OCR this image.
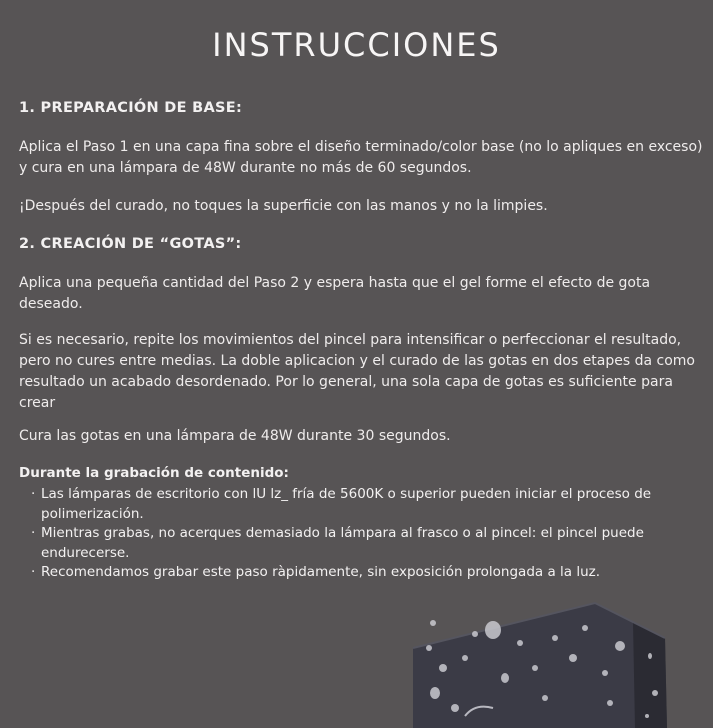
INSTRUCCIONES
1. PREPARACIÓN DE BASE:
Aplica el Paso 1 en una capa fina sobre el diseño terminado/color base (no lo apliques en exceso) y cura en una lámpara de 48W durante no más de 60 segundos.
¡Después del curado, no toques la superficie con las manos y no la limpies.
2. CREACIÓN DE “GOTAS”:
Aplica una pequeña cantidad del Paso 2 y espera hasta que el gel forme el efecto de gota deseado.
Si es necesario, repite los movimientos del pincel para intensificar o perfeccionar el resultado, pero no cures entre medias. La doble aplicacion y el curado de las gotas en dos etapes da como resultado un acabado desordenado. Por lo general, una sola capa de gotas es suficiente para crear
Cura las gotas en una lámpara de 48W durante 30 segundos.
Durante la grabación de contenido:
· Las lámparas de escritorio con lU lz_ fría de 5600K o superior pueden iniciar el proceso de polimerización.
· Mientras grabas, no acerques demasiado la lámpara al frasco o al pincel: el pincel puede endurecerse.
· Recomendamos grabar este paso ràpidamente, sin exposición prolongada a la luz.
